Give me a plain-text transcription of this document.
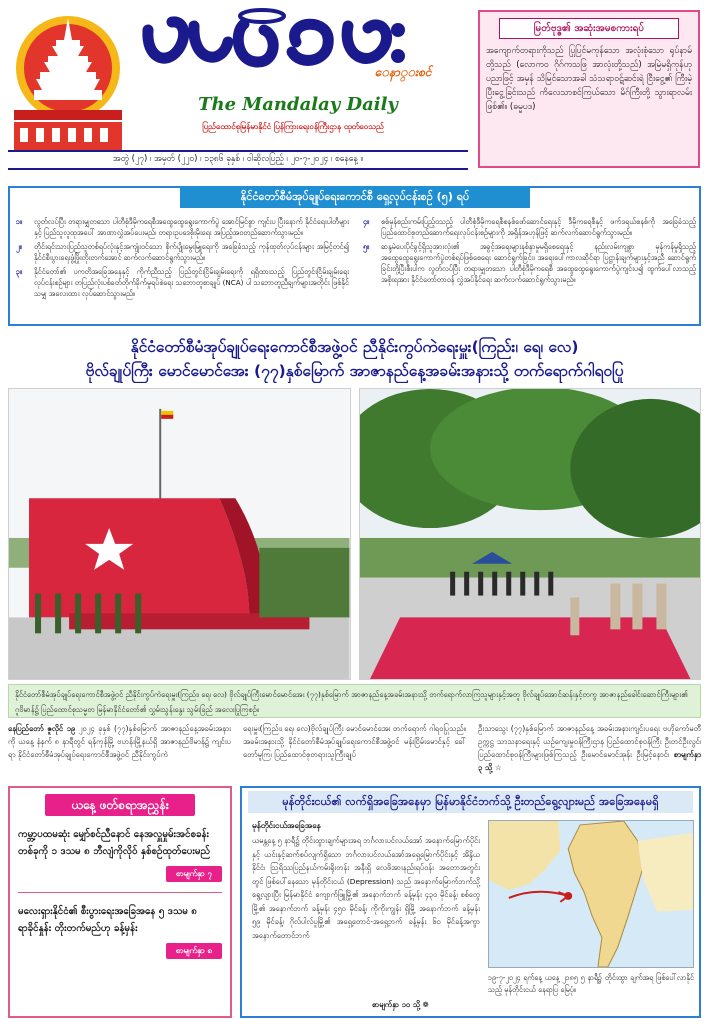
ေနာ္းစင်
The Mandalay Daily
ပြည်ထောင်စုမြန်မာနိုင်ငံ ပြန်ကြားရေးဝန်ကြီးဌာန ထုတ်ဝေသည်
အတွဲ (၂၇) ၊ အမှတ် (၂၂၀) ၊ ၁၃၈၆ ခုနှစ် ၊ ဝါဆိုလပြည့် ၊ ၂၀-၇-၂၀၂၄ ၊ စနေနေ့ ။
မြတ်ဗုဒ္ဓ၏ အဆုံးအမစကားရပ်
အကျောက်တရားကိုသည် ပြုပြင်မကုန်သော အလုံးစုံသော ရုပ်နာမ်တို့သည် (လောကဝ ဂိုဂ်ကသဖြ အာလုံးတို့သည်) အမြဲမရှိကုန်ဟု ပညာဖြင့် အမှန် သိမြင်သောအခါ သံသရာဝဋ်ဆင်းရဲ ငြီးငွေ့၏ ကြီးမဲ့ ပြီးငွေ့ခြင်းသည် ကိလေသာစင်ကြယ်သော မိဂ်ကြီးတို့ သွားရာလမ်းဖြစ်၏။ (ဓမ္မပဒ)
နိုင်ငံတော်စီမံအုပ်ချုပ်ရေးကောင်စီ ရှေ့လုပ်ငန်းစဉ် (၅) ရပ်
၁။	လွတ်လပ်ပြီး တရားမျှတသော ပါတီစုံဒီမိုကရေစီအထွေထွေရွေးကောက်ပွဲ အောင်မြင်စွာ ကျင်းပ ပြီးနောက် နိုင်ငံရေးပါတီများနှင့် ပြည်သူလူထုအပေါ် အာဏာလွှဲအပ်ပေးမည်၊ တရားဥပဒေစိုးမိုးရေး အပြည့်အဝတည်ဆောက်သွားမည်။
၂။	တိုင်းရင်းသားပြည်သူတစ်ရပ်လုံးနှင့်အကျုံးဝင်သော စိုက်ပျိုးမွေးမြူရေးကို အခြေခံသည့် ကုန်ထုတ်လုပ်ငန်းများ အမြင့်တင်၍ နိုင်ငံစီးပွားရေးဖွံ့ဖြိုးတိုးတက်အောင် ဆက်လက်ဆောင်ရွက်သွားမည်။
၃။	နိုင်ငံတော်၏ ပကတိအခြေအနေနှင့် ကိုက်ညီသည့် ပြည်တွင်းငြိမ်းချမ်းရေးကို ရရှိထားသည့် ပြည်တွင်းငြိမ်းချမ်းရေးလုပ်ငန်းစဉ်များ တပြည်လုံးပစ်ခတ်တိုက်ခိုက်မှုရပ်စဲရေး သဘောတူစာချုပ် (NCA) ပါ သဘောတူညီချက်များအတိုင်း ဖြစ်နိုင်သမျှ အလေးထား လုပ်ဆောင်သွားမည်။
၄။	စစ်မှန်စည်းကမ်းပြည့်ဝသည့် ပါတီစုံဒီမိုကရေစီစနစ်ဖော်ဆောင်ရေးနှင့် ဒီမိုကရေစီနှင့် ဖက်ဒရယ်စနစ်ကို အခြေခံသည့် ပြည်ထောင်စုတည်ဆောက်ရေးလုပ်ငန်းစဉ်များကို အရှိန်အဟုန်ဖြင့် ဆက်လက်ဆောင်ရွက်သွားမည်။
၅။	ဆန္ဒမဲပေးပိုင်ခွင့်ရှိသူအားလုံး၏ အခွင့်အရေးများနစ်နာမှုမရှိစေရေးနှင့် နည်းလမ်းကျစွာ မှန်ကန်မှုရှိသည့် အထွေထွေရွေးကောက်ပွဲတစ်ရပ်ဖြစ်စေရေး ဆောင်ရွက်ခြင်း၊ အရေးပေါ်ကာလဆိုင်ရာ ပြဋ္ဌာန်းချက်များနှင့်အညီ ဆောင်ရွက်ခြင်းတို့ပြီးစီးပါက လွတ်လပ်ပြီး တရားမျှတသော ပါတီစုံဒီမိုကရေစီ အထွေထွေရွေးကောက်ပွဲကျင်းပ၍ ထွက်ပေါ်လာသည့်အစိုးရအား နိုင်ငံတော်တာဝန် လွှဲအပ်နိုင်ရေး ဆက်လက်ဆောင်ရွက်သွားမည်။
နိုင်ငံတော်စီမံအုပ်ချုပ်ရေးကောင်စီအဖွဲ့ဝင် ညီနိုင်းကွပ်ကဲရေးမှူး(ကြည်း၊ ရေ၊ လေ)
ဗိုလ်ချုပ်ကြီး မောင်မောင်အေး (၇၇)နှစ်မြောက် အာဇာနည်နေ့အခမ်းအနားသို့ တက်ရောက်ဂါရဝပြု
နိုင်ငံတော်စီမံအုပ်ချုပ်ရေးကောင်စီအဖွဲ့ဝင် ညီနိုင်းကွပ်ကဲရေးမှူး(ကြည်း၊ ရေ၊ လေ) ဗိုလ်ချုပ်ကြီးမောင်မောင်အေး (၇၇)နှစ်မြောက် အာဇာနည်နေ့အခမ်းအနားသို့ တက်ရောက်လာကြသူများနှင့်အတူ ဗိုလ်ချုပ်အောင်ဆန်းနှင့်တကွ အာဇာနည်ခေါင်းဆောင်ကြီးများ၏ ဂူဗိမာန်၌ ပြည်ထောင်စုသမ္မတ မြန်မာနိုင်ငံတော်၏ လွှမ်းသွန်းနွေး သွမ်းခြည် အလေးပြုကြစဉ်။
နေပြည်တော် ဇူလိုင် ၁၉ ၂၀၂၄ ခုနှစ် (၇၇)နှစ်မြောက် အာဇာနည်နေ့အခမ်းအနားကို ယနေ့ နံနက် ၈ နာရီတွင် ရန်ကုန်မြို့ ဗဟန်းမြို့နယ်ရှိ အာဇာနည်ဗိမာန်၌ ကျင်းပရာ နိုင်ငံတော်စီမံအုပ်ချုပ်ရေးကောင်စီအဖွဲ့ဝင် ညီနိုင်းကွပ်ကဲ
ရေးမှူး(ကြည်း၊ ရေ၊ လေ)ဗိုလ်ချုပ်ကြီး မောင်မောင်အေး တက်ရောက် ဂါရဝပြုသည်။ အခမ်းအနားသို့ နိုင်ငံတော်စီမံအုပ်ချုပ်ရေးကောင်စီအဖွဲ့ဝင် မန်းငြိမ်းမောင်နှင့် ခေါ်တော်မူကြ၊ ပြည်ထောင်စုတရားသူကြီးချုပ်
ဦးသာသွေး (၇၇)နှစ်မြောက် အာဇာနည်နေ့ အခမ်းအနားကျင်းပရေး ဗဟိုကော်မတီဥက္ကဋ္ဌ သာသနာရေးနှင့် ယဉ်ကျေးမှုဝန်ကြီးဌာန ပြည်ထောင်စုဝန်ကြီး ဦးတင်ဦးလွင်၊ ပြည်ထောင်စုဝန်ကြီးများဖြစ်ကြသည့် ဦးမောင်မောင်အုန်း ဦးမြင့်နောင်၊ စာမျက်နှာ ၃ သို့ ☆
ယနေ့ ဖတ်စရာအညွှန်း
ကမ္ဘာ့ပထမဆုံး မျှော်စင်ညီနောင် နေအလှူမှုမ်းအင်စခန်း တစ်ခုကို ၁ ဒသမ ၈ ဘီလျံကိုလိုဝ် နှစ်စဉ်ထုတ်ပေးမည်
စာမျက်နှာ ၇
မလေးရှားနိုင်ငံ၏ စီးပွားရေးအခြေအနေ ၅ ဒသမ ၈ ရာခိုင်နှုန်း တိုးတက်မည်ဟု ခန့်မှန်း
စာမျက်နှာ ၈
မုန်တိုင်းငယ်၏ လက်ရှိအခြေအနေမှာ မြန်မာနိုင်ငံဘက်သို့ ဦးတည်ရွေ့လျားမည် အခြေအနေမရှိ
မုန်တိုင်းငယ်အခြေအနေ
ယမန္တနေ့ ၅ နာရီ၌ တိုင်းထွားချက်များအရ ဘင်္ဂလားပင်လယ်အော် အနောက်မြောက်ပိုင်းနှင့် ယင်းနှင့်ဆက်စပ်လျက်ရှိသော ဘင်္ဂလားပင်လယ်အော်အရှေ့မြောက်ပိုင်းနှင့် အိန္ဒိယနိုင်ငံ၊ ဩရိဿပြည်နယ်ကမ်းရိုးတန်း အနီးရှိ လေဖိအားနည်းရပ်ဝန်း အတောအတွင်းတွင် ဖြစ်ပေါ်နေသော မုန်တိုင်းငယ် (Depression) သည် အနောက်မြောက်ဘက်သို့ ရွေ့လျားပြီး မြန်မာနိုင်ငံ ကျောက်ဖြူမြို့၏ အနောက်ဘက် ခန့်မှန်း ၄၃၀ မိုင်ခန့်၊ စစ်တွေမြို့၏ အနောက်ဘက် ခန့်မှန်း ၄၅၀ မိုင်ခန့်၊ ကိုကိုးကျွန်း ရှိမြို့ အနောက်ဘက် ခန့်မှန်း ၅၉ မိုင်ခန့်၊ ဂိုလ်ပါလ်ပူမြို့၏ အရှေ့တောင်-အရှေ့ဘက် ခန့်မှန်း ၆၀ မိုင်ခန့်အကွာ အနောက်တောင်ဘက်
စာမျက်နှာ ၁၀ သို့ ❁
၁၉-၇-၂၀၂၄ ရက်နေ့ ယနေ့ ၂၁၈၅ ၅ နာရီ၌ တိုင်းထွာ ချက်အရ ဖြစ်ပေါ်လာနိုင်သည့် မုန်တိုင်းငယ် နေရာပြ မြေပုံ။
